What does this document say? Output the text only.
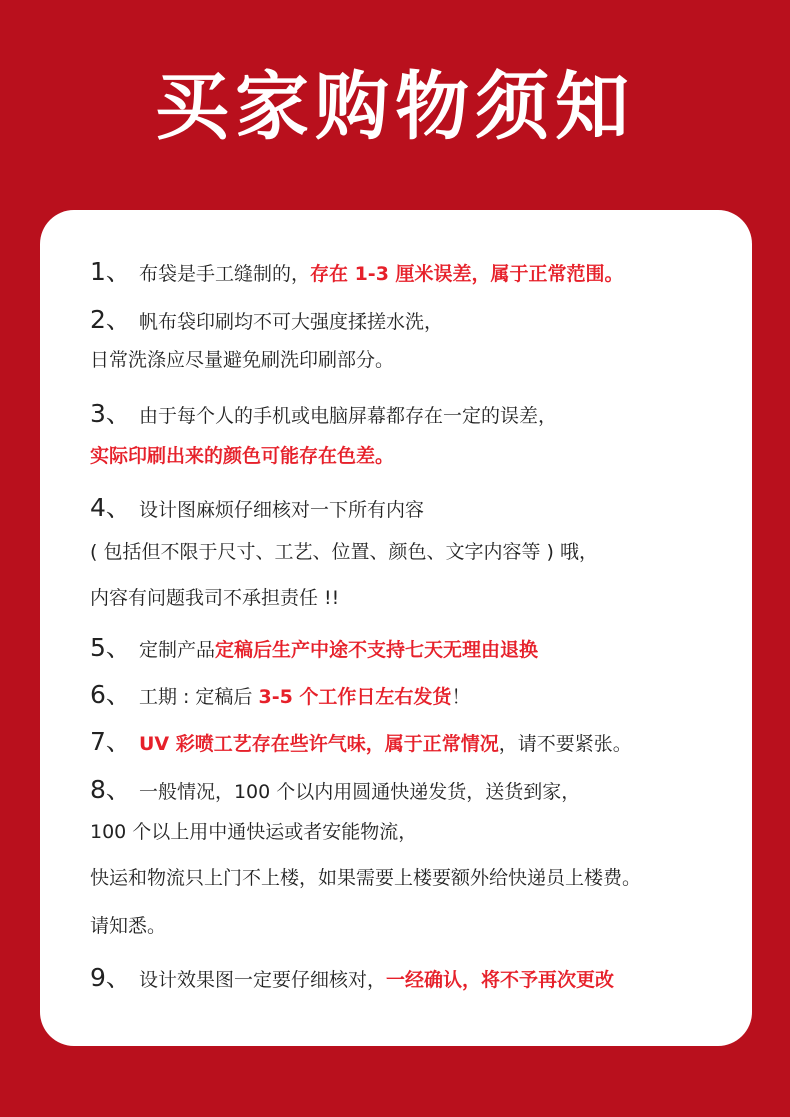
买家购物须知
1、 布袋是手工缝制的，存在 1-3 厘米误差，属于正常范围。
2、 帆布袋印刷均不可大强度揉搓水洗，
日常洗涤应尽量避免刷洗印刷部分。
3、 由于每个人的手机或电脑屏幕都存在一定的误差，
实际印刷出来的颜色可能存在色差。
4、 设计图麻烦仔细核对一下所有内容
( 包括但不限于尺寸、工艺、位置、颜色、文字内容等 ) 哦，
内容有问题我司不承担责任 !!
5、 定制产品定稿后生产中途不支持七天无理由退换
6、 工期 : 定稿后 3-5 个工作日左右发货！
7、 UV 彩喷工艺存在些许气味，属于正常情况，请不要紧张。
8、 一般情况，100 个以内用圆通快递发货，送货到家，
100 个以上用中通快运或者安能物流，
快运和物流只上门不上楼，如果需要上楼要额外给快递员上楼费。
请知悉。
9、 设计效果图一定要仔细核对，一经确认，将不予再次更改
